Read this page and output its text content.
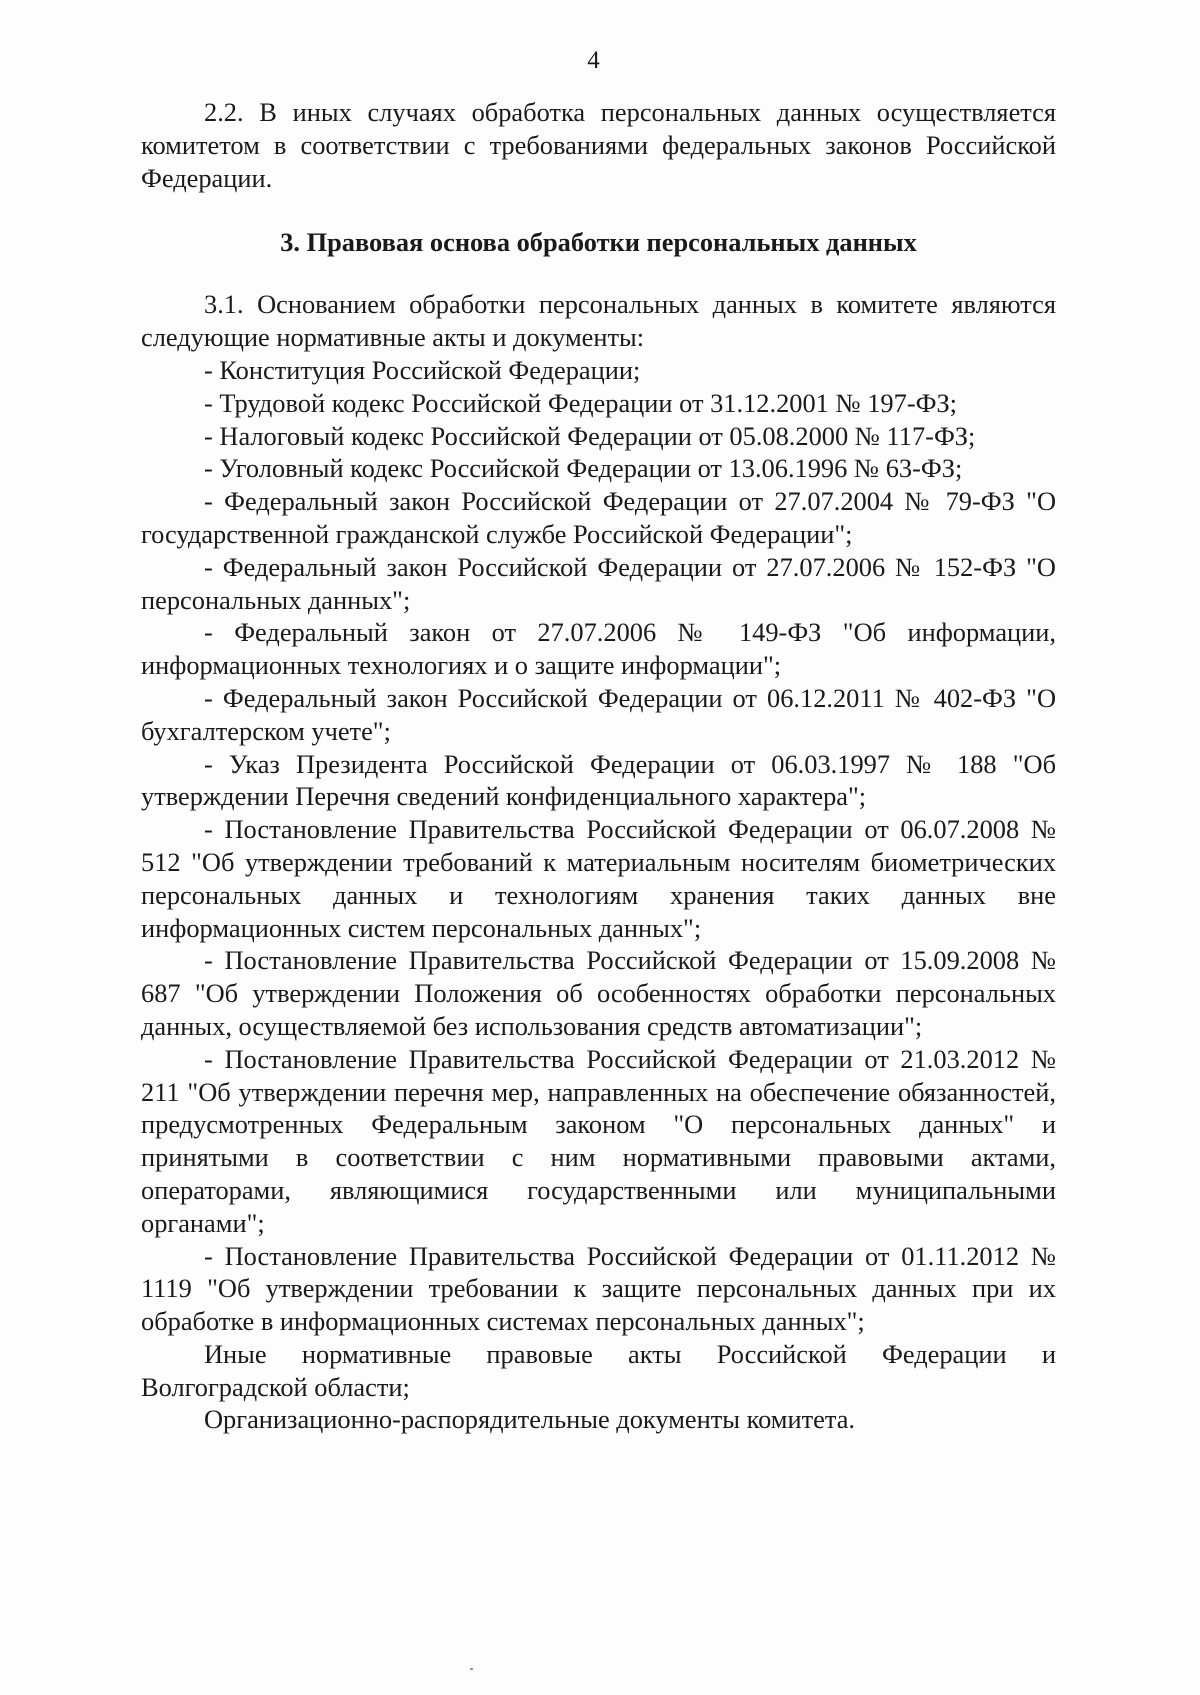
4

2.2. В иных случаях обработка персональных данных осуществляется комитетом в соответствии с требованиями федеральных законов Российской Федерации.

3. Правовая основа обработки персональных данных

3.1. Основанием обработки персональных данных в комитете являются следующие нормативные акты и документы:

- Конституция Российской Федерации;

- Трудовой кодекс Российской Федерации от 31.12.2001 № 197-ФЗ;

- Налоговый кодекс Российской Федерации от 05.08.2000 № 117-ФЗ;

- Уголовный кодекс Российской Федерации от 13.06.1996 № 63-ФЗ;

- Федеральный закон Российской Федерации от 27.07.2004 № 79-ФЗ "О государственной гражданской службе Российской Федерации";

- Федеральный закон Российской Федерации от 27.07.2006 № 152-ФЗ "О персональных данных";

- Федеральный закон от 27.07.2006 № 149-ФЗ "Об информации, информационных технологиях и о защите информации";

- Федеральный закон Российской Федерации от 06.12.2011 № 402-ФЗ "О бухгалтерском учете";

- Указ Президента Российской Федерации от 06.03.1997 № 188 "Об утверждении Перечня сведений конфиденциального характера";

- Постановление Правительства Российской Федерации от 06.07.2008 № 512 "Об утверждении требований к материальным носителям биометрических персональных данных и технологиям хранения таких данных вне информационных систем персональных данных";

- Постановление Правительства Российской Федерации от 15.09.2008 № 687 "Об утверждении Положения об особенностях обработки персональных данных, осуществляемой без использования средств автоматизации";

- Постановление Правительства Российской Федерации от 21.03.2012 № 211 "Об утверждении перечня мер, направленных на обеспечение обязанностей, предусмотренных Федеральным законом "О персональных данных" и принятыми в соответствии с ним нормативными правовыми актами, операторами, являющимися государственными или муниципальными органами";

- Постановление Правительства Российской Федерации от 01.11.2012 № 1119 "Об утверждении требовании к защите персональных данных при их обработке в информационных системах персональных данных";

Иные нормативные правовые акты Российской Федерации и Волгоградской области;

Организационно-распорядительные документы комитета.
